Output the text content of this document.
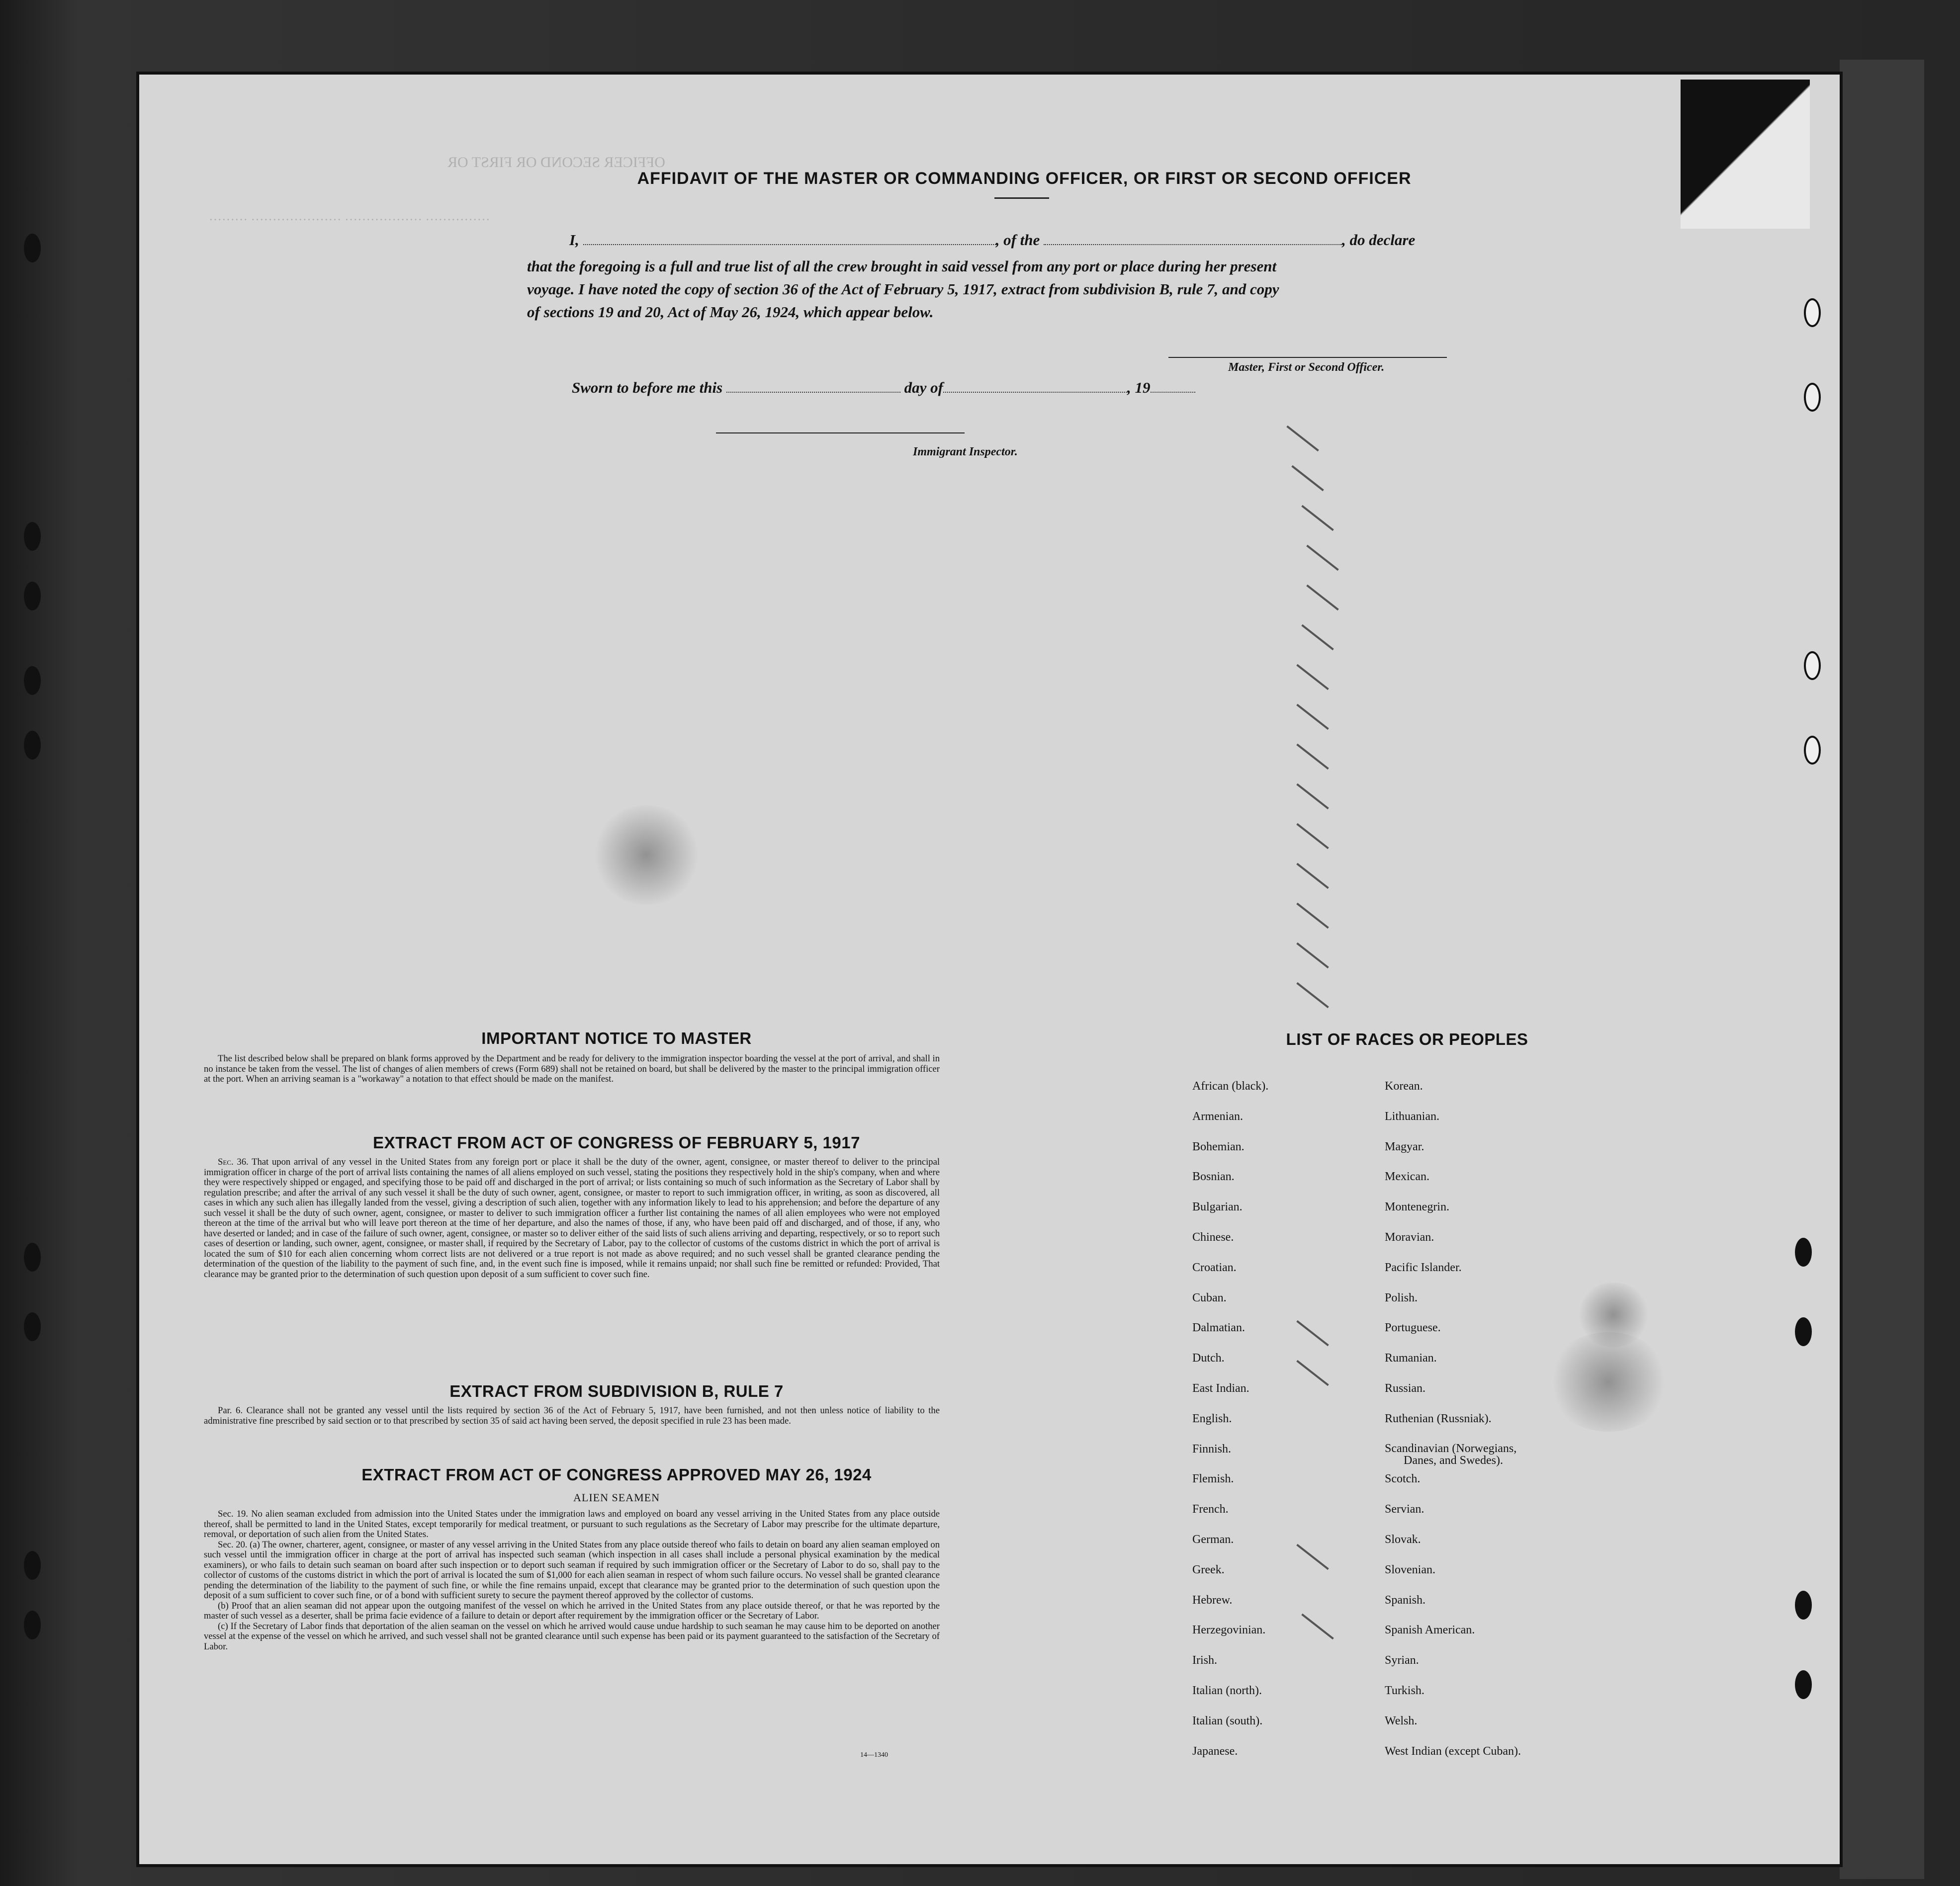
OFFICER SECOND OR FIRST OR
……… ………………… ……………… ……………
AFFIDAVIT OF THE MASTER OR COMMANDING OFFICER, OR FIRST OR SECOND OFFICER
I,	, of the	, do declare
that the foregoing is a full and true list of all the crew brought in said vessel from any port or place during her present
voyage. I have noted the copy of section 36 of the Act of February 5, 1917, extract from subdivision B, rule 7, and copy
of sections 19 and 20, Act of May 26, 1924, which appear below.
Master, First or Second Officer.
Sworn to before me this	day of	, 19
Immigrant Inspector.
IMPORTANT NOTICE TO MASTER

The list described below shall be prepared on blank forms approved by the Department and be ready for delivery to the immigration inspector boarding the vessel at the port of arrival, and shall in no instance be taken from the vessel. The list of changes of alien members of crews (Form 689) shall not be retained on board, but shall be delivered by the master to the principal immigration officer at the port. When an arriving seaman is a "workaway" a notation to that effect should be made on the manifest.

EXTRACT FROM ACT OF CONGRESS OF FEBRUARY 5, 1917

Sec. 36. That upon arrival of any vessel in the United States from any foreign port or place it shall be the duty of the owner, agent, consignee, or master thereof to deliver to the principal immigration officer in charge of the port of arrival lists containing the names of all aliens employed on such vessel, stating the positions they respectively hold in the ship's company, when and where they were respectively shipped or engaged, and specifying those to be paid off and discharged in the port of arrival; or lists containing so much of such information as the Secretary of Labor shall by regulation prescribe; and after the arrival of any such vessel it shall be the duty of such owner, agent, consignee, or master to report to such immigration officer, in writing, as soon as discovered, all cases in which any such alien has illegally landed from the vessel, giving a description of such alien, together with any information likely to lead to his apprehension; and before the departure of any such vessel it shall be the duty of such owner, agent, consignee, or master to deliver to such immigration officer a further list containing the names of all alien employees who were not employed thereon at the time of the arrival but who will leave port thereon at the time of her departure, and also the names of those, if any, who have been paid off and discharged, and of those, if any, who have deserted or landed; and in case of the failure of such owner, agent, consignee, or master so to deliver either of the said lists of such aliens arriving and departing, respectively, or so to report such cases of desertion or landing, such owner, agent, consignee, or master shall, if required by the Secretary of Labor, pay to the collector of customs of the customs district in which the port of arrival is located the sum of $10 for each alien concerning whom correct lists are not delivered or a true report is not made as above required; and no such vessel shall be granted clearance pending the determination of the question of the liability to the payment of such fine, and, in the event such fine is imposed, while it remains unpaid; nor shall such fine be remitted or refunded: Provided, That clearance may be granted prior to the determination of such question upon deposit of a sum sufficient to cover such fine.

EXTRACT FROM SUBDIVISION B, RULE 7

Par. 6. Clearance shall not be granted any vessel until the lists required by section 36 of the Act of February 5, 1917, have been furnished, and not then unless notice of liability to the administrative fine prescribed by said section or to that prescribed by section 35 of said act having been served, the deposit specified in rule 23 has been made.

EXTRACT FROM ACT OF CONGRESS APPROVED MAY 26, 1924
ALIEN SEAMEN

Sec. 19. No alien seaman excluded from admission into the United States under the immigration laws and employed on board any vessel arriving in the United States from any place outside thereof, shall be permitted to land in the United States, except temporarily for medical treatment, or pursuant to such regulations as the Secretary of Labor may prescribe for the ultimate departure, removal, or deportation of such alien from the United States.

Sec. 20. (a) The owner, charterer, agent, consignee, or master of any vessel arriving in the United States from any place outside thereof who fails to detain on board any alien seaman employed on such vessel until the immigration officer in charge at the port of arrival has inspected such seaman (which inspection in all cases shall include a personal physical examination by the medical examiners), or who fails to detain such seaman on board after such inspection or to deport such seaman if required by such immigration officer or the Secretary of Labor to do so, shall pay to the collector of customs of the customs district in which the port of arrival is located the sum of $1,000 for each alien seaman in respect of whom such failure occurs. No vessel shall be granted clearance pending the determination of the liability to the payment of such fine, or while the fine remains unpaid, except that clearance may be granted prior to the determination of such question upon the deposit of a sum sufficient to cover such fine, or of a bond with sufficient surety to secure the payment thereof approved by the collector of customs.

(b) Proof that an alien seaman did not appear upon the outgoing manifest of the vessel on which he arrived in the United States from any place outside thereof, or that he was reported by the master of such vessel as a deserter, shall be prima facie evidence of a failure to detain or deport after requirement by the immigration officer or the Secretary of Labor.

(c) If the Secretary of Labor finds that deportation of the alien seaman on the vessel on which he arrived would cause undue hardship to such seaman he may cause him to be deported on another vessel at the expense of the vessel on which he arrived, and such vessel shall not be granted clearance until such expense has been paid or its payment guaranteed to the satisfaction of the Secretary of Labor.

14—1340
LIST OF RACES OR PEOPLES
African (black).
Armenian.
Bohemian.
Bosnian.
Bulgarian.
Chinese.
Croatian.
Cuban.
Dalmatian.
Dutch.
East Indian.
English.
Finnish.
Flemish.
French.
German.
Greek.
Hebrew.
Herzegovinian.
Irish.
Italian (north).
Italian (south).
Japanese.
Korean.
Lithuanian.
Magyar.
Mexican.
Montenegrin.
Moravian.
Pacific Islander.
Polish.
Portuguese.
Rumanian.
Russian.
Ruthenian (Russniak).
Scandinavian (Norwegians,
Danes, and Swedes).
Scotch.
Servian.
Slovak.
Slovenian.
Spanish.
Spanish American.
Syrian.
Turkish.
Welsh.
West Indian (except Cuban).
